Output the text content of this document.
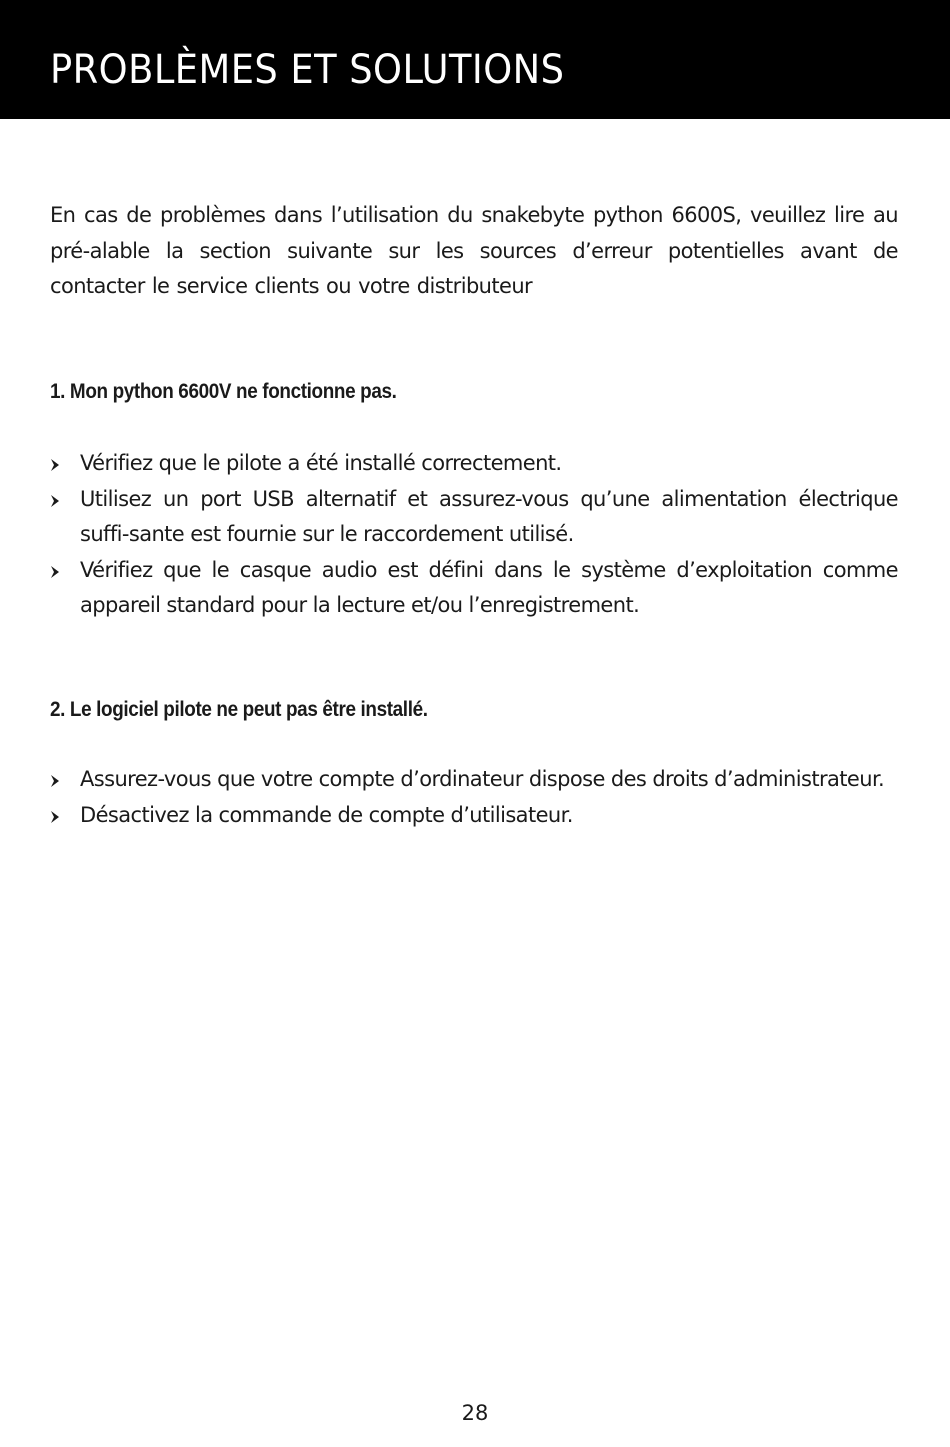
PROBLÈMES ET SOLUTIONS

En cas de problèmes dans l’utilisation du snakebyte python 6600S, veuillez lire au pré-alable la section suivante sur les sources d’erreur potentielles avant de contacter le service clients ou votre distributeur

1. Mon python 6600V ne fonctionne pas.
Vérifiez que le pilote a été installé correctement.
Utilisez un port USB alternatif et assurez-vous qu’une alimentation électrique suffi-sante est fournie sur le raccordement utilisé.
Vérifiez que le casque audio est défini dans le système d’exploitation comme appareil standard pour la lecture et/ou l’enregistrement.
2. Le logiciel pilote ne peut pas être installé.
Assurez-vous que votre compte d’ordinateur dispose des droits d’administrateur.
Désactivez la commande de compte d’utilisateur.
28
